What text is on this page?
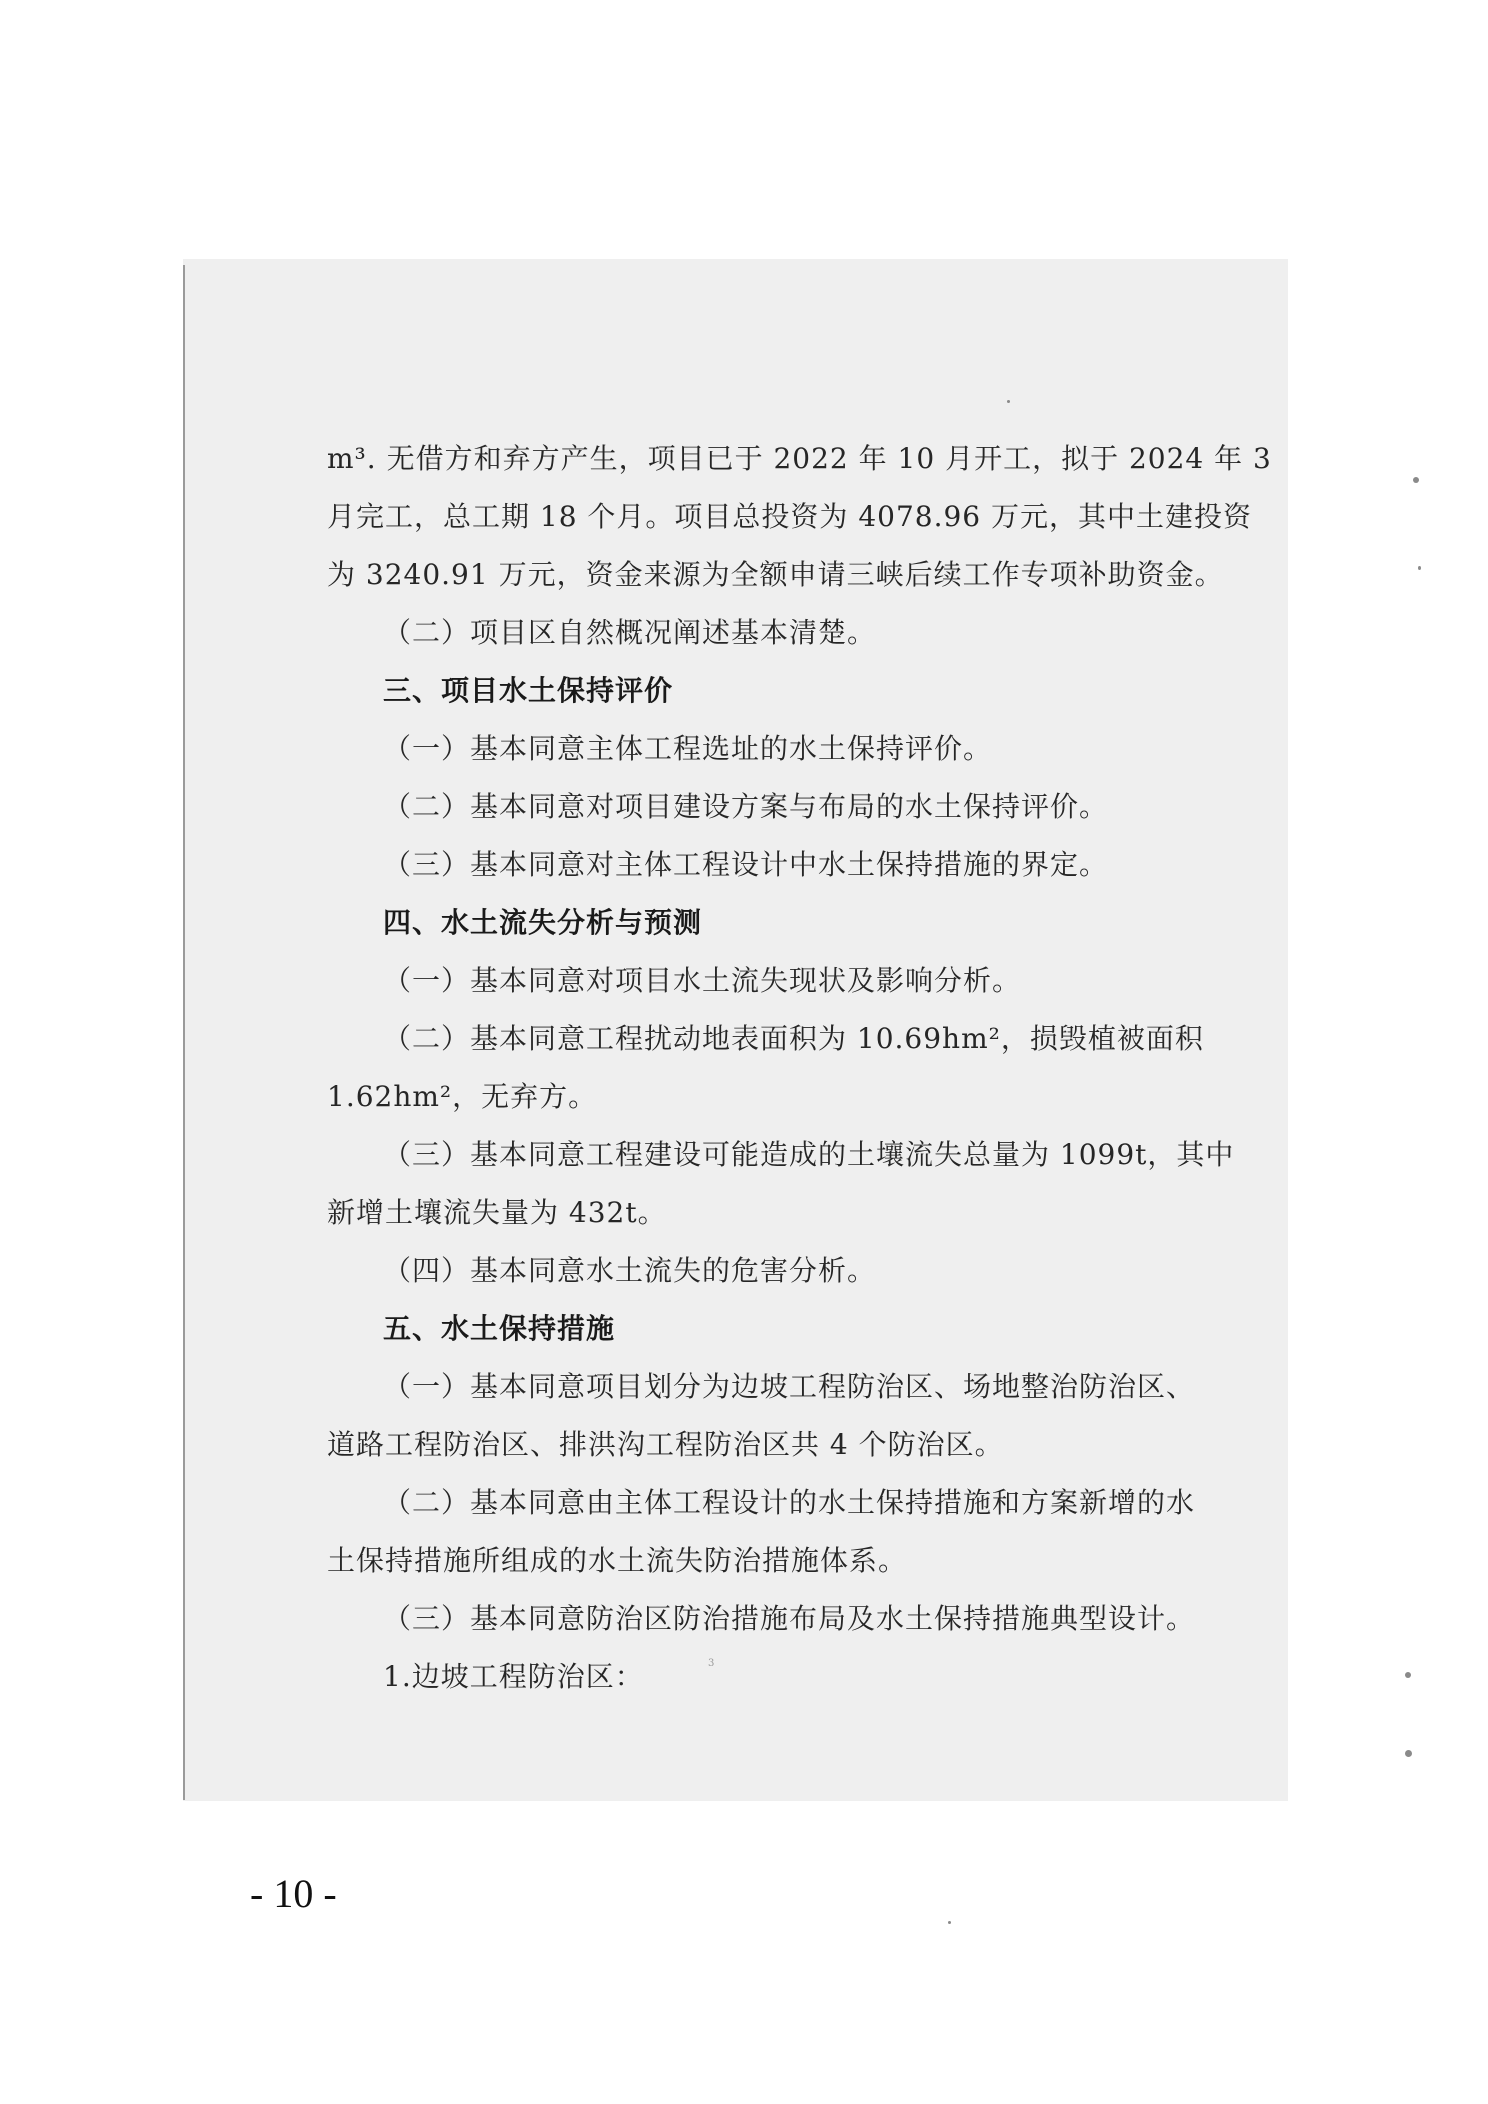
m³. 无借方和弃方产生，项目已于 2022 年 10 月开工，拟于 2024 年 3
月完工，总工期 18 个月。项目总投资为 4078.96 万元，其中土建投资
为 3240.91 万元，资金来源为全额申请三峡后续工作专项补助资金。
（二）项目区自然概况阐述基本清楚。
三、项目水土保持评价
（一）基本同意主体工程选址的水土保持评价。
（二）基本同意对项目建设方案与布局的水土保持评价。
（三）基本同意对主体工程设计中水土保持措施的界定。
四、水土流失分析与预测
（一）基本同意对项目水土流失现状及影响分析。
（二）基本同意工程扰动地表面积为 10.69hm²，损毁植被面积
1.62hm²，无弃方。
（三）基本同意工程建设可能造成的土壤流失总量为 1099t，其中
新增土壤流失量为 432t。
（四）基本同意水土流失的危害分析。
五、水土保持措施
（一）基本同意项目划分为边坡工程防治区、场地整治防治区、
道路工程防治区、排洪沟工程防治区共 4 个防治区。
（二）基本同意由主体工程设计的水土保持措施和方案新增的水
土保持措施所组成的水土流失防治措施体系。
（三）基本同意防治区防治措施布局及水土保持措施典型设计。
1.边坡工程防治区：	3
- 10 -
